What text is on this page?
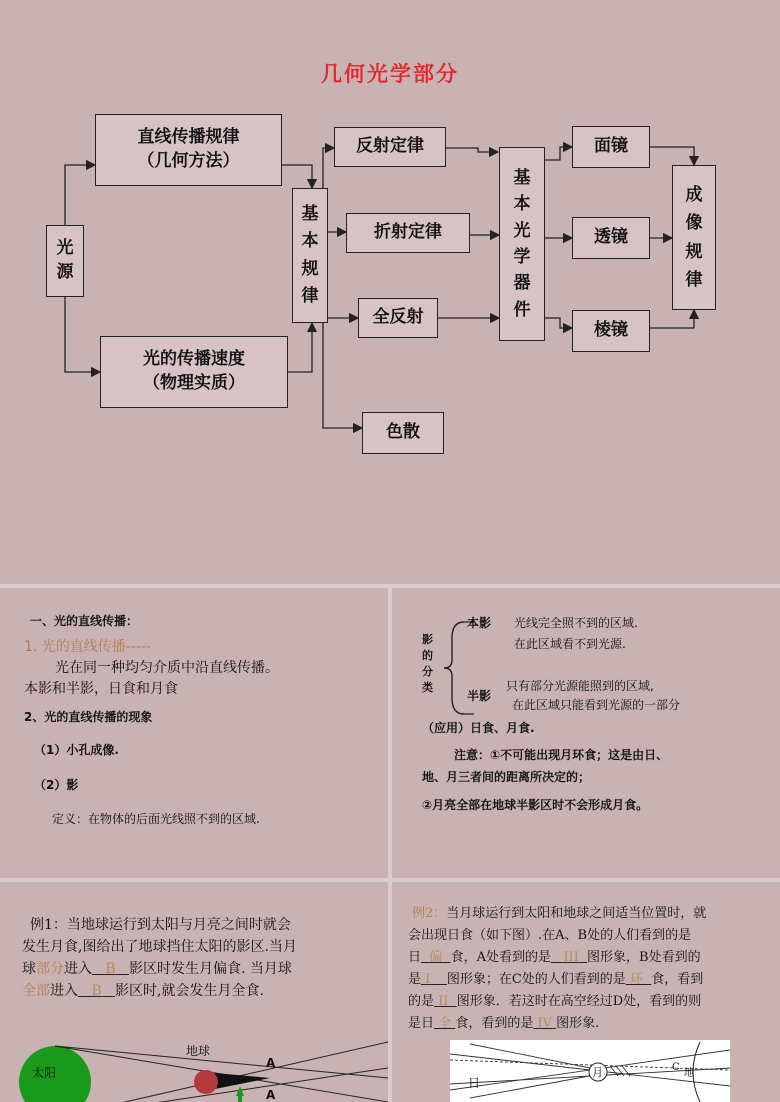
几何光学部分
光
源
直线传播规律
（几何方法）
光的传播速度
（物理实质）
基
本
规
律
反射定律
折射定律
全反射
色散
基
本
光
学
器
件
面镜
透镜
棱镜
成
像
规
律
一、光的直线传播：
1. 光的直线传播-----
光在同一种均匀介质中沿直线传播。
本影和半影，日食和月食
2、光的直线传播的现象
（1）小孔成像.
（2）影
定义：在物体的后面光线照不到的区域.
影
的
分
类
本影 光线完全照不到的区域.
在此区域看不到光源.
半影
只有部分光源能照到的区域,
在此区域只能看到光源的一部分
（应用）日食、月食.
注意：①不可能出现月环食；这是由日、
地、月三者间的距离所决定的；
②月亮全部在地球半影区时不会形成月食。
例1：当地球运行到太阳与月亮之间时就会
发生月食,图给出了地球挡住太阳的影区.当月
球部分进入 B 影区时发生月偏食. 当月球
全部进入 B 影区时,就会发生月全食.
太阳
地球
A
A
例2：当月球运行到太阳和地球之间适当位置时，就
会出现日食（如下图）.在A、B处的人们看到的是
日 偏 食，A处看到的是 III 图形象，B处看到的
是 I 图形象；在C处的人们看到的是 环 食，看到
的是 II 图形象．若这时在高空经过D处，看到的则
是日 全 食，看到的是 IV 图形象.
日
月	C
地
